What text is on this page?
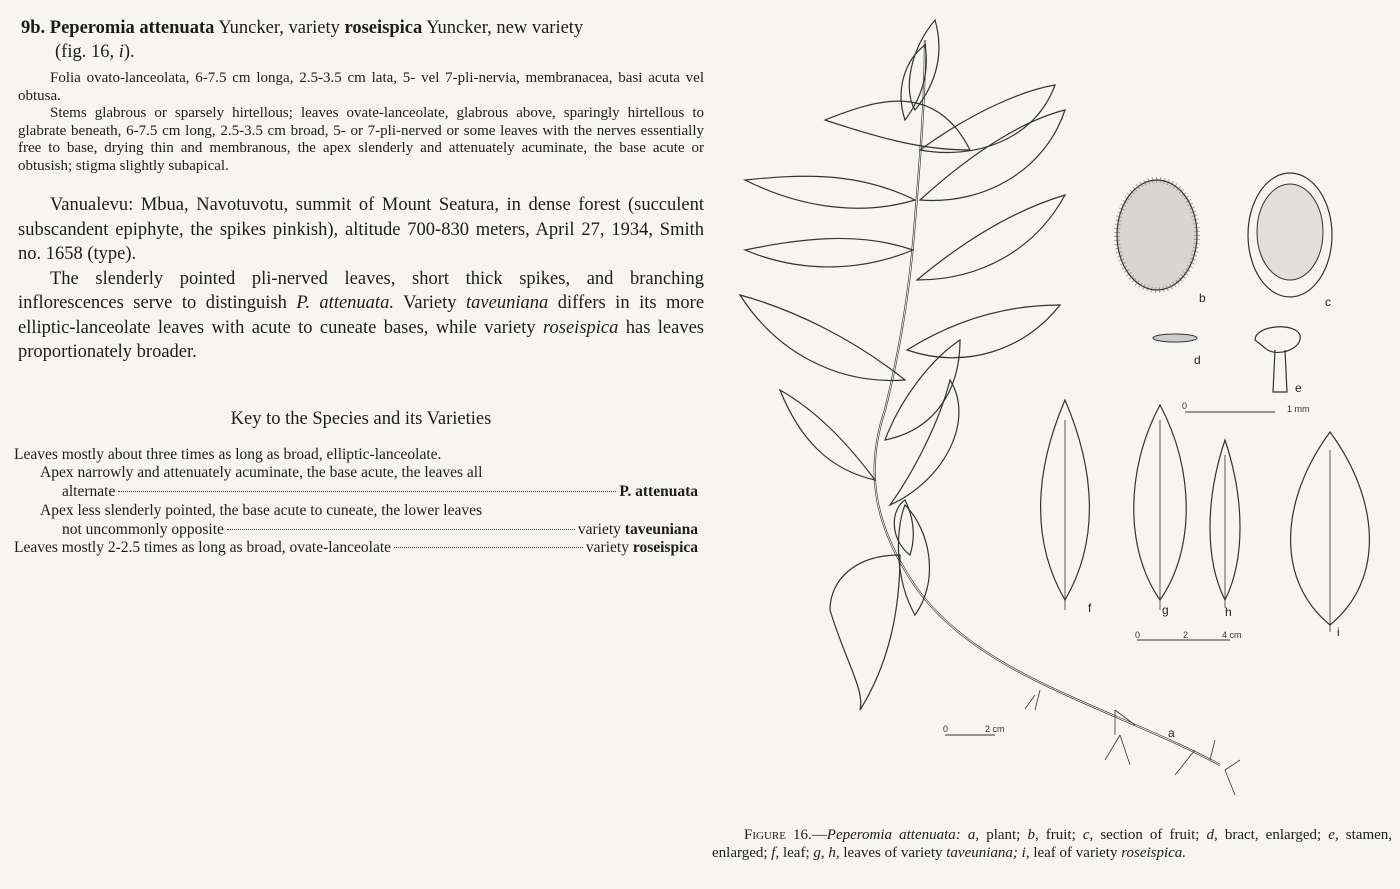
9b. Peperomia attenuata Yuncker, variety roseispica Yuncker, new variety
(fig. 16, i).

Folia ovato-lanceolata, 6-7.5 cm longa, 2.5-3.5 cm lata, 5- vel 7-pli-nervia, membranacea, basi acuta vel obtusa.

Stems glabrous or sparsely hirtellous; leaves ovate-lanceolate, glabrous above, sparingly hirtellous to glabrate beneath, 6-7.5 cm long, 2.5-3.5 cm broad, 5- or 7-pli-nerved or some leaves with the nerves essentially free to base, drying thin and membranous, the apex slenderly and attenuately acuminate, the base acute or obtusish; stigma slightly subapical.

Vanualevu: Mbua, Navotuvotu, summit of Mount Seatura, in dense forest (succulent subscandent epiphyte, the spikes pinkish), altitude 700-830 meters, April 27, 1934, Smith no. 1658 (type).

The slenderly pointed pli-nerved leaves, short thick spikes, and branching inflorescences serve to distinguish P. attenuata. Variety taveuniana differs in its more elliptic-lanceolate leaves with acute to cuneate bases, while variety roseispica has leaves proportionately broader.

Key to the Species and its Varieties

Leaves mostly about three times as long as broad, elliptic-lanceolate.
Apex narrowly and attenuately acuminate, the base acute, the leaves all
alternate	P. attenuata
Apex less slenderly pointed, the base acute to cuneate, the lower leaves
not uncommonly opposite	variety
taveuniana
Leaves mostly 2-2.5 times as long as broad, ovate-lanceolate	variety
roseispica
a
0	2 cm
b	c
d
e
0	1 mm
f	g	h
i
0	2	4 cm

Figure 16.—Peperomia attenuata: a, plant; b, fruit; c, section of fruit; d, bract, enlarged; e, stamen, enlarged; f, leaf; g, h, leaves of variety taveuniana; i, leaf of variety roseispica.
